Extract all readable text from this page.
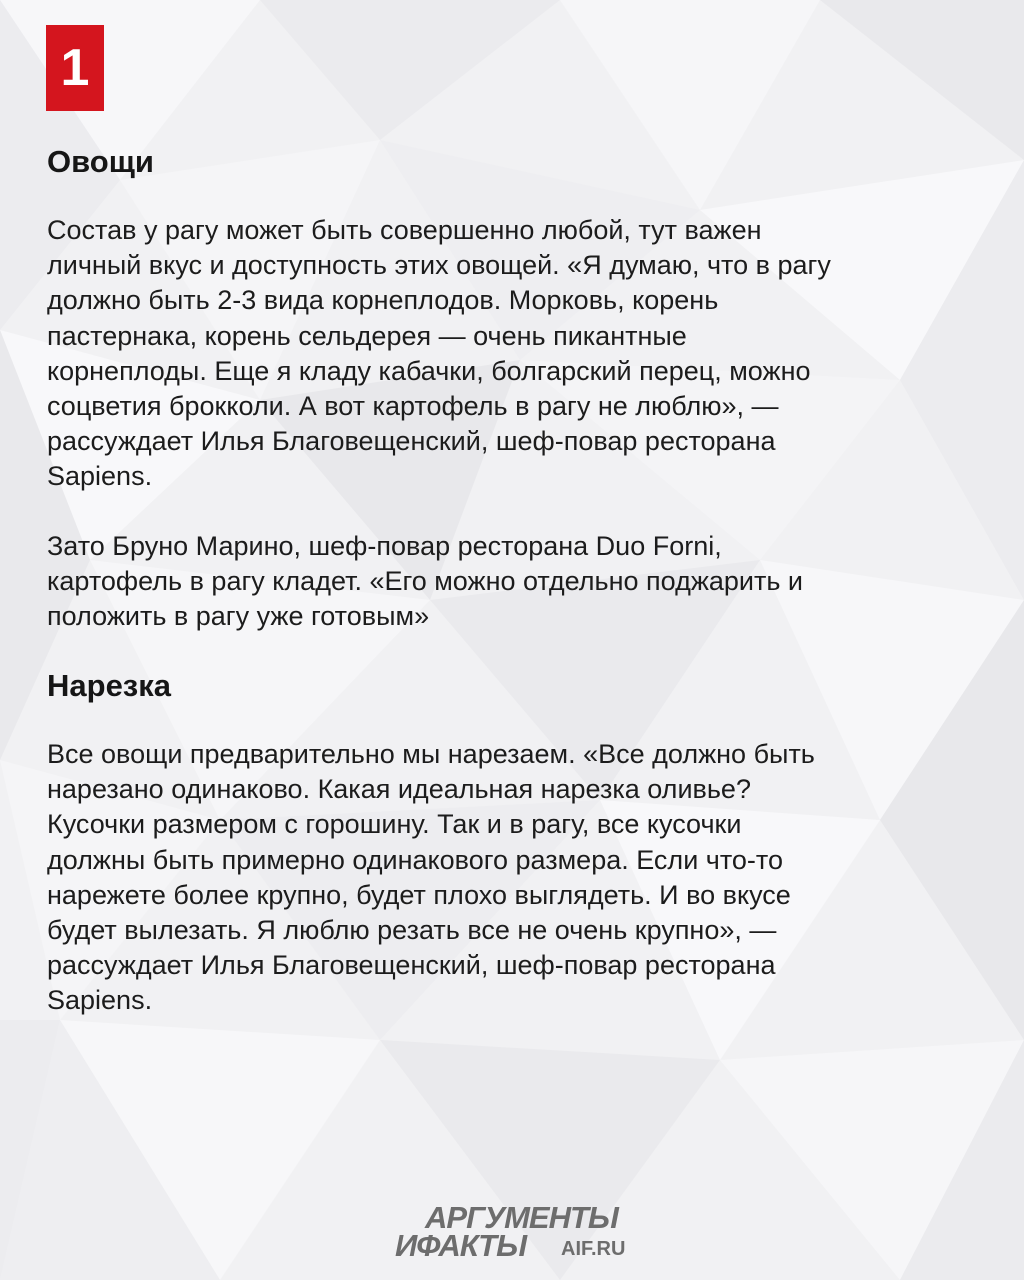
1
Овощи

Состав у рагу может быть совершенно любой, тут важен
личный вкус и доступность этих овощей. «Я думаю, что в рагу
должно быть 2-3 вида корнеплодов. Морковь, корень
пастернака, корень сельдерея — очень пикантные
корнеплоды. Еще я кладу кабачки, болгарский перец, можно
соцветия брокколи. А вот картофель в рагу не люблю», —
рассуждает Илья Благовещенский, шеф-повар ресторана
Sapiens.

Зато Бруно Марино, шеф-повар ресторана Duo Forni,
картофель в рагу кладет. «Его можно отдельно поджарить и
положить в рагу уже готовым»

Нарезка

Все овощи предварительно мы нарезаем. «Все должно быть
нарезано одинаково. Какая идеальная нарезка оливье?
Кусочки размером с горошину. Так и в рагу, все кусочки
должны быть примерно одинакового размера. Если что-то
нарежете более крупно, будет плохо выглядеть. И во вкусе
будет вылезать. Я люблю резать все не очень крупно», —
рассуждает Илья Благовещенский, шеф-повар ресторана
Sapiens.

АРГУМЕНТЫ
ИФАКТЫ AIF.RU
